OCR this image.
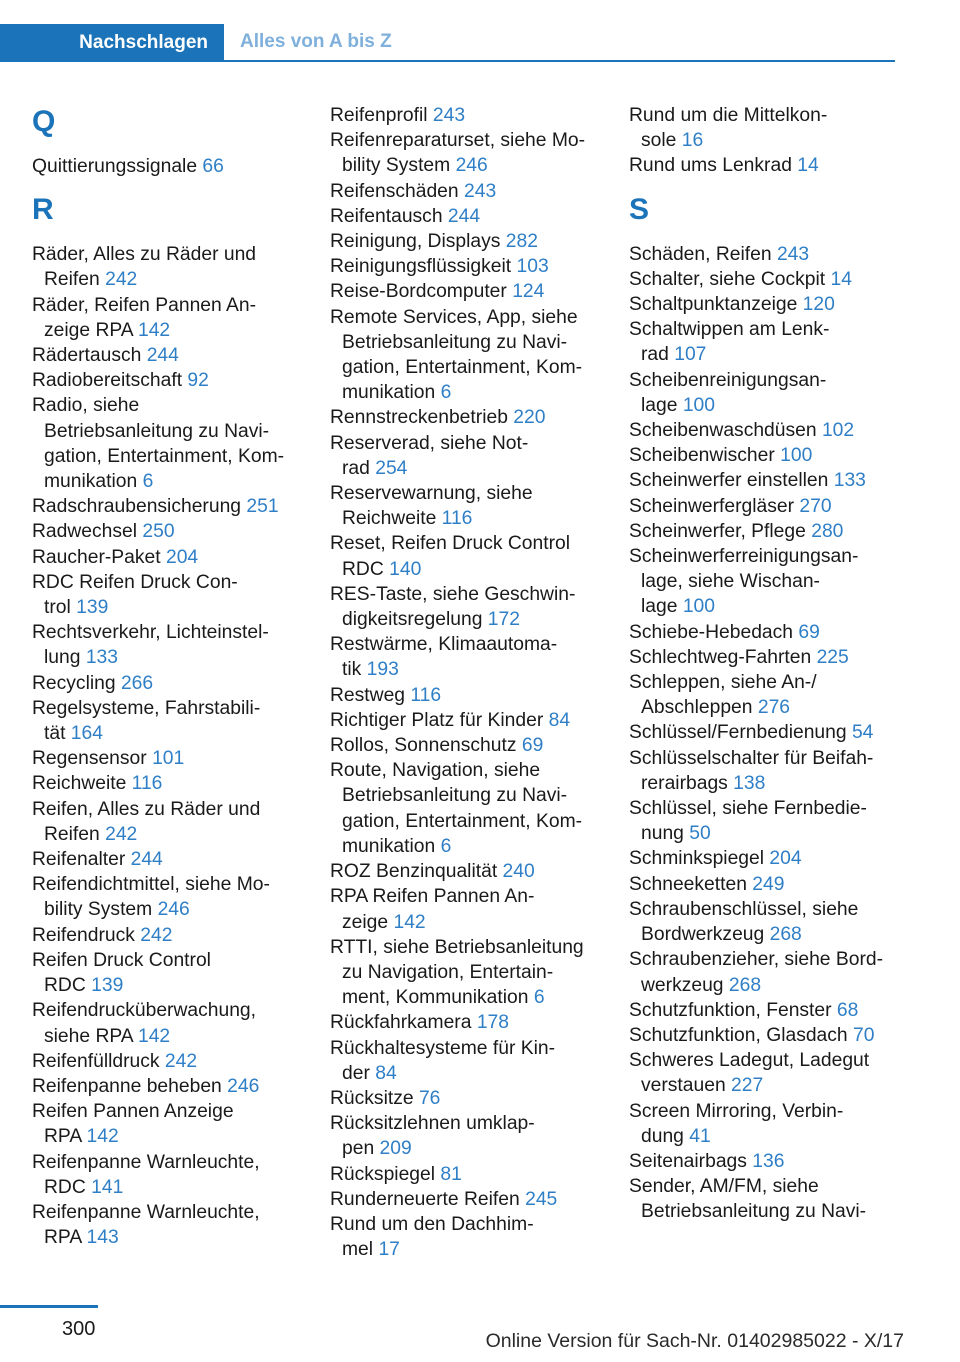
Nachschlagen	Alles von A bis Z
Q
Quittierungssignale 66
R
Räder, Alles zu Räder und
Reifen 242
Räder, Reifen Pannen An-
zeige RPA 142
Rädertausch 244
Radiobereitschaft 92
Radio, siehe
Betriebsanleitung zu Navi-
gation, Entertainment, Kom-
munikation 6
Radschraubensicherung 251
Radwechsel 250
Raucher-Paket 204
RDC Reifen Druck Con-
trol 139
Rechtsverkehr, Lichteinstel-
lung 133
Recycling 266
Regelsysteme, Fahrstabili-
tät 164
Regensensor 101
Reichweite 116
Reifen, Alles zu Räder und
Reifen 242
Reifenalter 244
Reifendichtmittel, siehe Mo-
bility System 246
Reifendruck 242
Reifen Druck Control
RDC 139
Reifendrucküberwachung,
siehe RPA 142
Reifenfülldruck 242
Reifenpanne beheben 246
Reifen Pannen Anzeige
RPA 142
Reifenpanne Warnleuchte,
RDC 141
Reifenpanne Warnleuchte,
RPA 143
Reifenprofil 243
Reifenreparaturset, siehe Mo-
bility System 246
Reifenschäden 243
Reifentausch 244
Reinigung, Displays 282
Reinigungsflüssigkeit 103
Reise-Bordcomputer 124
Remote Services, App, siehe
Betriebsanleitung zu Navi-
gation, Entertainment, Kom-
munikation 6
Rennstreckenbetrieb 220
Reserverad, siehe Not-
rad 254
Reservewarnung, siehe
Reichweite 116
Reset, Reifen Druck Control
RDC 140
RES-Taste, siehe Geschwin-
digkeitsregelung 172
Restwärme, Klimaautoma-
tik 193
Restweg 116
Richtiger Platz für Kinder 84
Rollos, Sonnenschutz 69
Route, Navigation, siehe
Betriebsanleitung zu Navi-
gation, Entertainment, Kom-
munikation 6
ROZ Benzinqualität 240
RPA Reifen Pannen An-
zeige 142
RTTI, siehe Betriebsanleitung
zu Navigation, Entertain-
ment, Kommunikation 6
Rückfahrkamera 178
Rückhaltesysteme für Kin-
der 84
Rücksitze 76
Rücksitzlehnen umklap-
pen 209
Rückspiegel 81
Runderneuerte Reifen 245
Rund um den Dachhim-
mel 17
Rund um die Mittelkon-
sole 16
Rund ums Lenkrad 14
S
Schäden, Reifen 243
Schalter, siehe Cockpit 14
Schaltpunktanzeige 120
Schaltwippen am Lenk-
rad 107
Scheibenreinigungsan-
lage 100
Scheibenwaschdüsen 102
Scheibenwischer 100
Scheinwerfer einstellen 133
Scheinwerfergläser 270
Scheinwerfer, Pflege 280
Scheinwerferreinigungsan-
lage, siehe Wischan-
lage 100
Schiebe-Hebedach 69
Schlechtweg-Fahrten 225
Schleppen, siehe An-/
Abschleppen 276
Schlüssel/Fernbedienung 54
Schlüsselschalter für Beifah-
rerairbags 138
Schlüssel, siehe Fernbedie-
nung 50
Schminkspiegel 204
Schneeketten 249
Schraubenschlüssel, siehe
Bordwerkzeug 268
Schraubenzieher, siehe Bord-
werkzeug 268
Schutzfunktion, Fenster 68
Schutzfunktion, Glasdach 70
Schweres Ladegut, Ladegut
verstauen 227
Screen Mirroring, Verbin-
dung 41
Seitenairbags 136
Sender, AM/FM, siehe
Betriebsanleitung zu Navi-
300
Online Version für Sach-Nr. 01402985022 - X/17
